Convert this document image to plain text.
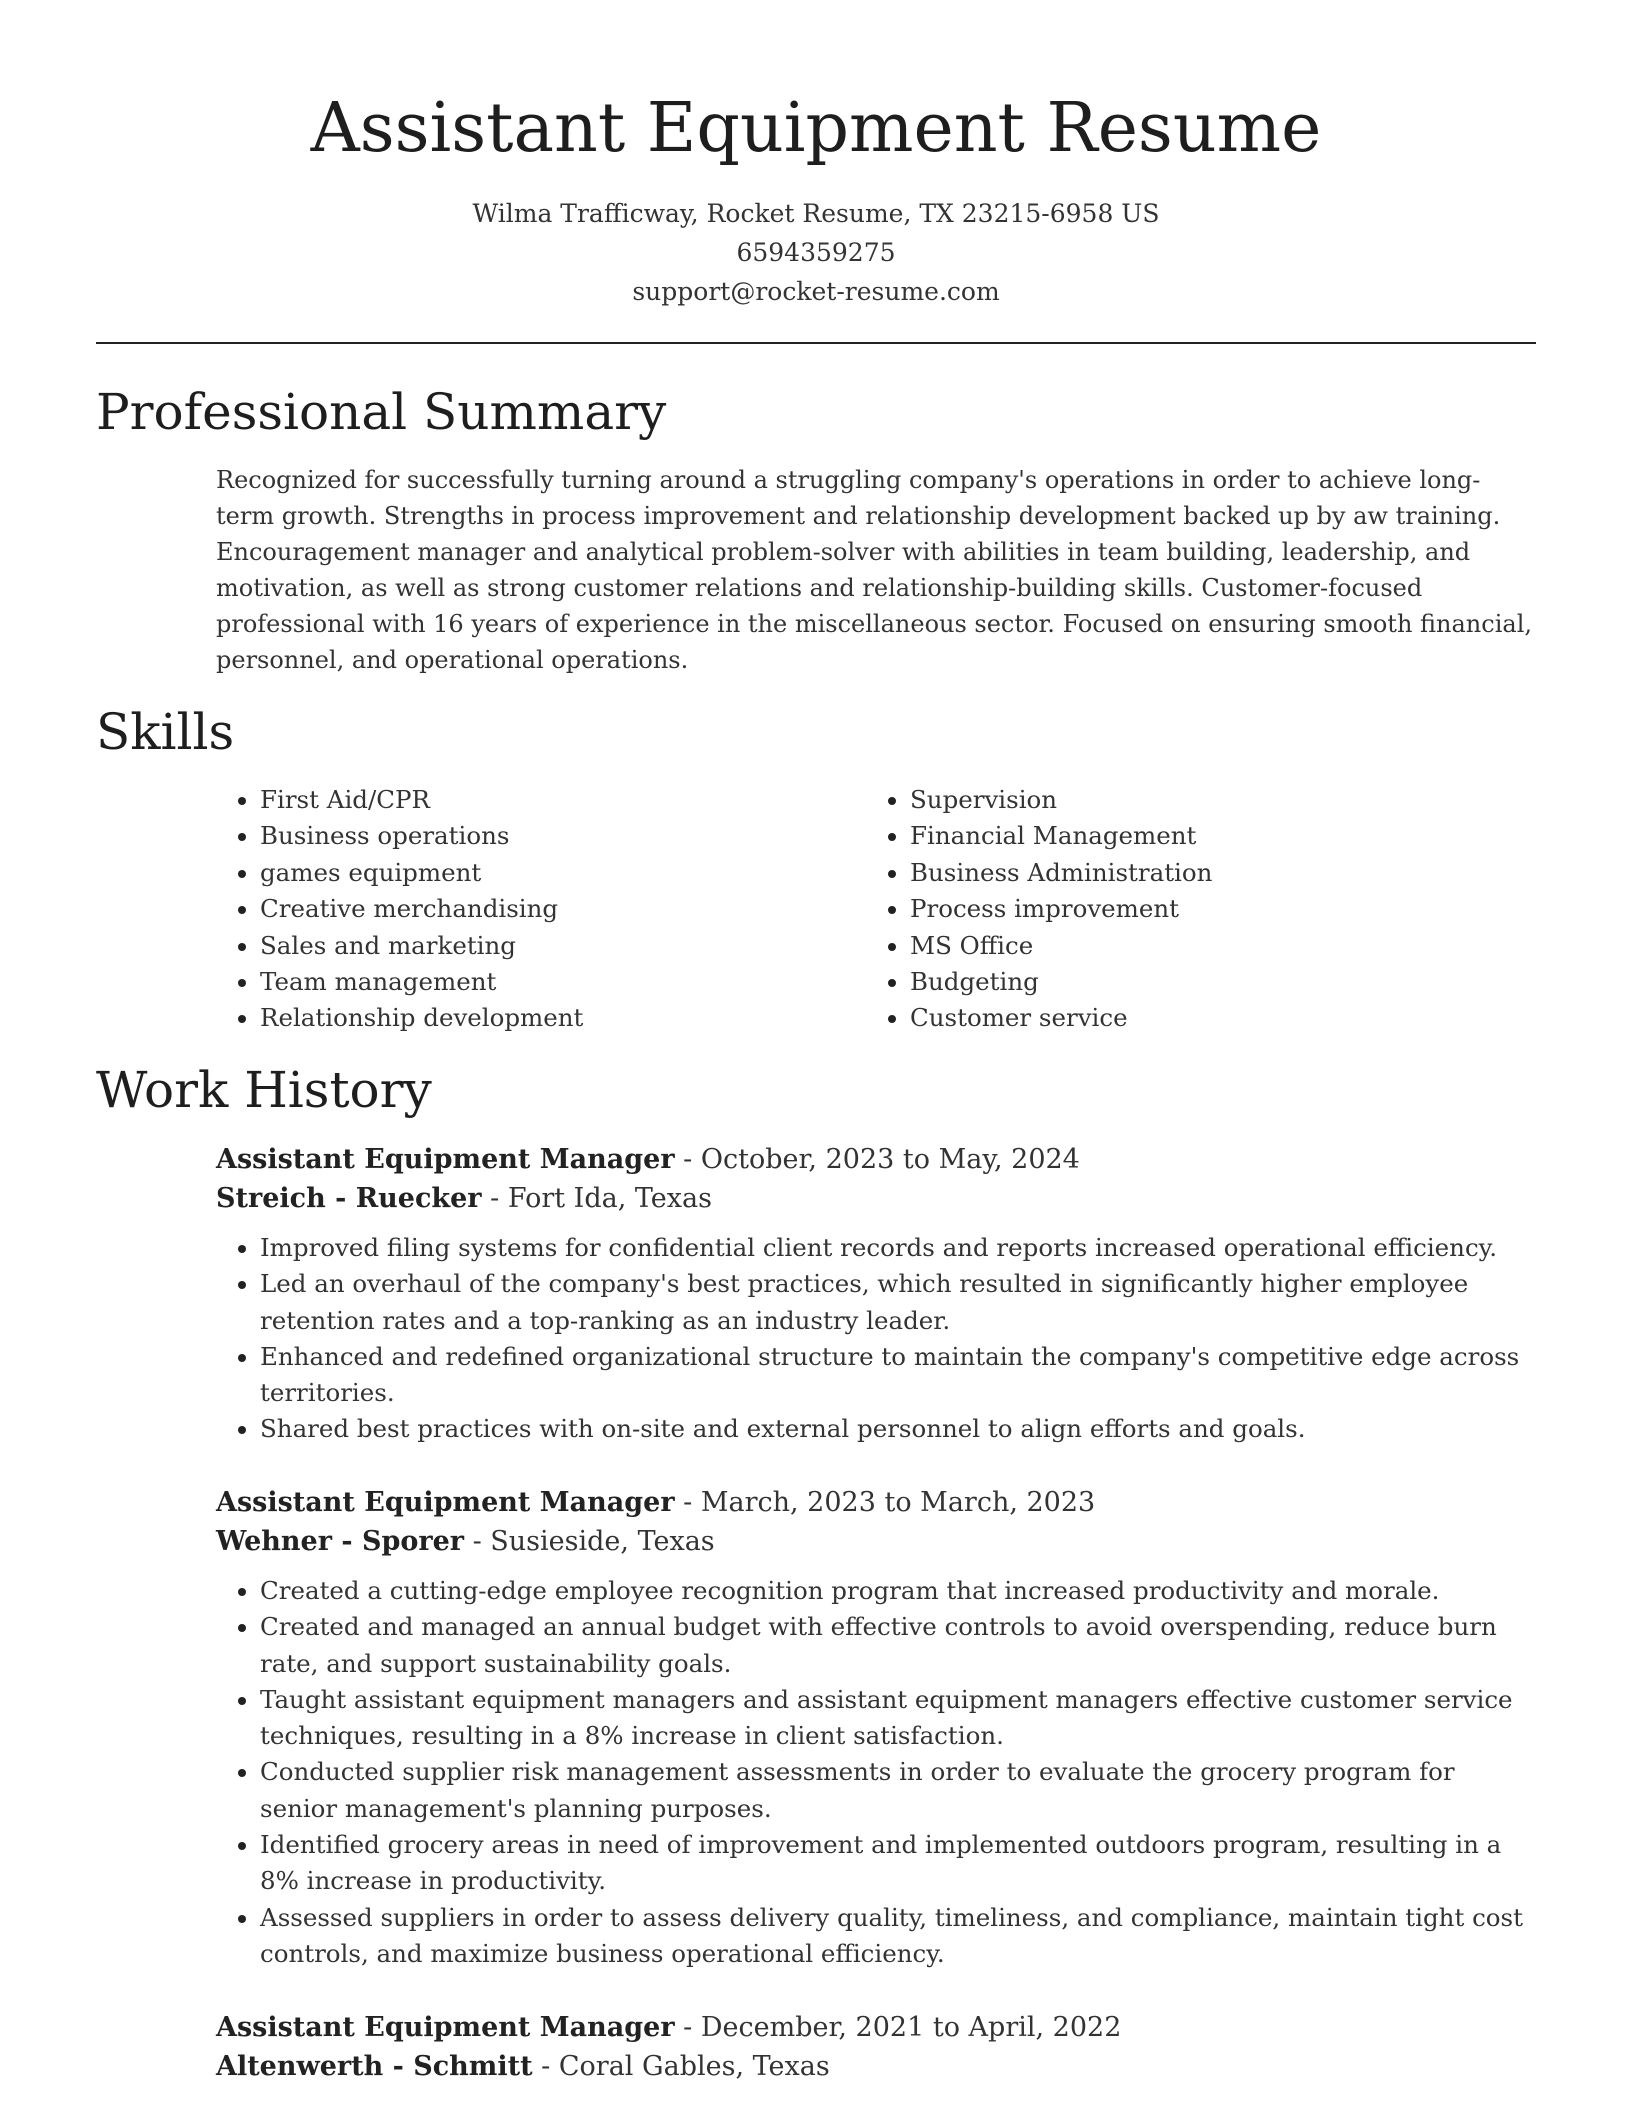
Assistant Equipment Resume
Wilma Trafficway, Rocket Resume, TX 23215-6958 US
6594359275
support@rocket-resume.com
Professional Summary

Recognized for successfully turning around a struggling company's operations in order to achieve long-term growth. Strengths in process improvement and relationship development backed up by aw training. Encouragement manager and analytical problem-solver with abilities in team building, leadership, and motivation, as well as strong customer relations and relationship-building skills. Customer-focused professional with 16 years of experience in the miscellaneous sector. Focused on ensuring smooth financial, personnel, and operational operations.

Skills
• First Aid/CPR
• Business operations
• games equipment
• Creative merchandising
• Sales and marketing
• Team management
• Relationship development
• Supervision
• Financial Management
• Business Administration
• Process improvement
• MS Office
• Budgeting
• Customer service
Work History
Assistant Equipment Manager - October, 2023 to May, 2024
Streich - Ruecker - Fort Ida, Texas
• Improved filing systems for confidential client records and reports increased operational efficiency.
• Led an overhaul of the company's best practices, which resulted in significantly higher employee retention rates and a top-ranking as an industry leader.
• Enhanced and redefined organizational structure to maintain the company's competitive edge across territories.
• Shared best practices with on-site and external personnel to align efforts and goals.
Assistant Equipment Manager - March, 2023 to March, 2023
Wehner - Sporer - Susieside, Texas
• Created a cutting-edge employee recognition program that increased productivity and morale.
• Created and managed an annual budget with effective controls to avoid overspending, reduce burn rate, and support sustainability goals.
• Taught assistant equipment managers and assistant equipment managers effective customer service techniques, resulting in a 8% increase in client satisfaction.
• Conducted supplier risk management assessments in order to evaluate the grocery program for senior management's planning purposes.
• Identified grocery areas in need of improvement and implemented outdoors program, resulting in a 8% increase in productivity.
• Assessed suppliers in order to assess delivery quality, timeliness, and compliance, maintain tight cost controls, and maximize business operational efficiency.
Assistant Equipment Manager - December, 2021 to April, 2022
Altenwerth - Schmitt - Coral Gables, Texas
